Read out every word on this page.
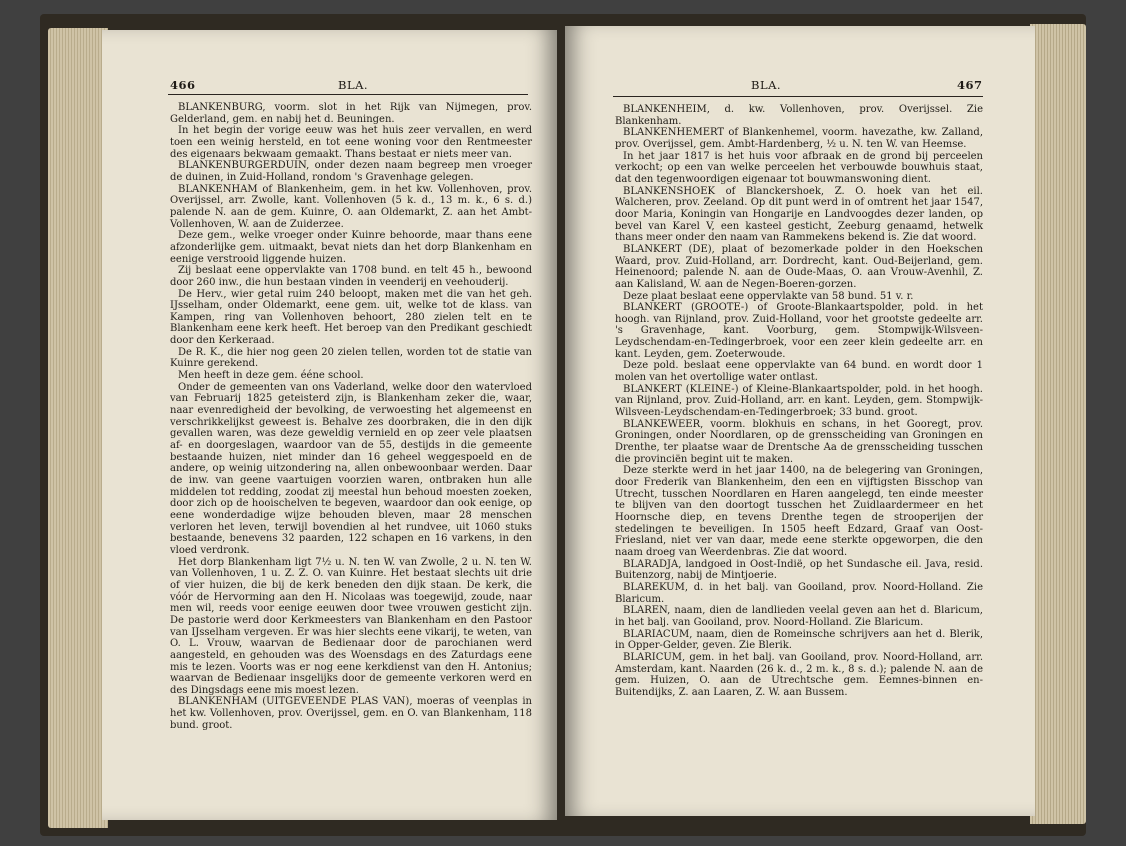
466	BLA.

BLANKENBURG, voorm. slot in het Rijk van Nijmegen, prov. Gelderland, gem. en nabij het d. Beuningen.

In het begin der vorige eeuw was het huis zeer vervallen, en werd toen een weinig hersteld, en tot eene woning voor den Rentmeester des eigenaars bekwaam gemaakt. Thans bestaat er niets meer van.

BLANKENBURGERDUIN, onder dezen naam begreep men vroeger de duinen, in Zuid-Holland, rondom 's Gravenhage gelegen.

BLANKENHAM of Blankenheim, gem. in het kw. Vollenhoven, prov. Overijssel, arr. Zwolle, kant. Vollenhoven (5 k. d., 13 m. k., 6 s. d.) palende N. aan de gem. Kuinre, O. aan Oldemarkt, Z. aan het Ambt-Vollenhoven, W. aan de Zuiderzee.

Deze gem., welke vroeger onder Kuinre behoorde, maar thans eene afzonderlijke gem. uitmaakt, bevat niets dan het dorp Blankenham en eenige verstrooid liggende huizen.

Zij beslaat eene oppervlakte van 1708 bund. en telt 45 h., bewoond door 260 inw., die hun bestaan vinden in veenderij en veehouderij.

De Herv., wier getal ruim 240 beloopt, maken met die van het geh. IJsselham, onder Oldemarkt, eene gem. uit, welke tot de klass. van Kampen, ring van Vollenhoven behoort, 280 zielen telt en te Blankenham eene kerk heeft. Het beroep van den Predikant geschiedt door den Kerkeraad.

De R. K., die hier nog geen 20 zielen tellen, worden tot de statie van Kuinre gerekend.

Men heeft in deze gem. ééne school.

Onder de gemeenten van ons Vaderland, welke door den watervloed van Februarij 1825 geteisterd zijn, is Blankenham zeker die, waar, naar evenredigheid der bevolking, de verwoesting het algemeenst en verschrikkelijkst geweest is. Behalve zes doorbraken, die in den dijk gevallen waren, was deze geweldig vernield en op zeer vele plaatsen af- en doorgeslagen, waardoor van de 55, destijds in die gemeente bestaande huizen, niet minder dan 16 geheel weggespoeld en de andere, op weinig uitzondering na, allen onbewoonbaar werden. Daar de inw. van geene vaartuigen voorzien waren, ontbraken hun alle middelen tot redding, zoodat zij meestal hun behoud moesten zoeken, door zich op de hooischelven te begeven, waardoor dan ook eenige, op eene wonderdadige wijze behouden bleven, maar 28 menschen verloren het leven, terwijl bovendien al het rundvee, uit 1060 stuks bestaande, benevens 32 paarden, 122 schapen en 16 varkens, in den vloed verdronk.

Het dorp Blankenham ligt 7½ u. N. ten W. van Zwolle, 2 u. N. ten W. van Vollenhoven, 1 u. Z. Z. O. van Kuinre. Het bestaat slechts uit drie of vier huizen, die bij de kerk beneden den dijk staan. De kerk, die vóór de Hervorming aan den H. Nicolaas was toegewijd, zoude, naar men wil, reeds voor eenige eeuwen door twee vrouwen gesticht zijn. De pastorie werd door Kerkmeesters van Blankenham en den Pastoor van IJsselham vergeven. Er was hier slechts eene vikarij, te weten, van O. L. Vrouw, waarvan de Bedienaar door de parochianen werd aangesteld, en gehouden was des Woensdags en des Zaturdags eene mis te lezen. Voorts was er nog eene kerkdienst van den H. Antonius; waarvan de Bedienaar insgelijks door de gemeente verkoren werd en des Dingsdags eene mis moest lezen.

BLANKENHAM (UITGEVEENDE PLAS VAN), moeras of veenplas in het kw. Vollenhoven, prov. Overijssel, gem. en O. van Blankenham, 118 bund. groot.

BLA.	467

BLANKENHEIM, d. kw. Vollenhoven, prov. Overijssel. Zie Blankenham.

BLANKENHEMERT of Blankenhemel, voorm. havezathe, kw. Zalland, prov. Overijssel, gem. Ambt-Hardenberg, ½ u. N. ten W. van Heemse.

In het jaar 1817 is het huis voor afbraak en de grond bij perceelen verkocht; op een van welke perceelen het verbouwde bouwhuis staat, dat den tegenwoordigen eigenaar tot bouwmanswoning dient.

BLANKENSHOEK of Blanckershoek, Z. O. hoek van het eil. Walcheren, prov. Zeeland. Op dit punt werd in of omtrent het jaar 1547, door Maria, Koningin van Hongarije en Landvoogdes dezer landen, op bevel van Karel V, een kasteel gesticht, Zeeburg genaamd, hetwelk thans meer onder den naam van Rammekens bekend is. Zie dat woord.

BLANKERT (DE), plaat of bezomerkade polder in den Hoekschen Waard, prov. Zuid-Holland, arr. Dordrecht, kant. Oud-Beijerland, gem. Heinenoord; palende N. aan de Oude-Maas, O. aan Vrouw-Avenhil, Z. aan Kalisland, W. aan de Negen-Boeren-gorzen.

Deze plaat beslaat eene oppervlakte van 58 bund. 51 v. r.

BLANKERT (GROOTE-) of Groote-Blankaartspolder, pold. in het hoogh. van Rijnland, prov. Zuid-Holland, voor het grootste gedeelte arr. 's Gravenhage, kant. Voorburg, gem. Stompwijk-Wilsveen-Leydschendam-en-Tedingerbroek, voor een zeer klein gedeelte arr. en kant. Leyden, gem. Zoeterwoude.

Deze pold. beslaat eene oppervlakte van 64 bund. en wordt door 1 molen van het overtollige water ontlast.

BLANKERT (KLEINE-) of Kleine-Blankaartspolder, pold. in het hoogh. van Rijnland, prov. Zuid-Holland, arr. en kant. Leyden, gem. Stompwijk-Wilsveen-Leydschendam-en-Tedingerbroek; 33 bund. groot.

BLANKEWEER, voorm. blokhuis en schans, in het Gooregt, prov. Groningen, onder Noordlaren, op de grensscheiding van Groningen en Drenthe, ter plaatse waar de Drentsche Aa de grensscheiding tusschen die provinciën begint uit te maken.

Deze sterkte werd in het jaar 1400, na de belegering van Groningen, door Frederik van Blankenheim, den een en vijftigsten Bisschop van Utrecht, tusschen Noordlaren en Haren aangelegd, ten einde meester te blijven van den doortogt tusschen het Zuidlaardermeer en het Hoornsche diep, en tevens Drenthe tegen de strooperijen der stedelingen te beveiligen. In 1505 heeft Edzard, Graaf van Oost-Friesland, niet ver van daar, mede eene sterkte opgeworpen, die den naam droeg van Weerdenbras. Zie dat woord.

BLARADJA, landgoed in Oost-Indië, op het Sundasche eil. Java, resid. Buitenzorg, nabij de Mintjoerie.

BLAREKUM, d. in het balj. van Gooiland, prov. Noord-Holland. Zie Blaricum.

BLAREN, naam, dien de landlieden veelal geven aan het d. Blaricum, in het balj. van Gooiland, prov. Noord-Holland. Zie Blaricum.

BLARIACUM, naam, dien de Romeinsche schrijvers aan het d. Blerik, in Opper-Gelder, geven. Zie Blerik.

BLARICUM, gem. in het balj. van Gooiland, prov. Noord-Holland, arr. Amsterdam, kant. Naarden (26 k. d., 2 m. k., 8 s. d.); palende N. aan de gem. Huizen, O. aan de Utrechtsche gem. Eemnes-binnen en-Buitendijks, Z. aan Laaren, Z. W. aan Bussem.
